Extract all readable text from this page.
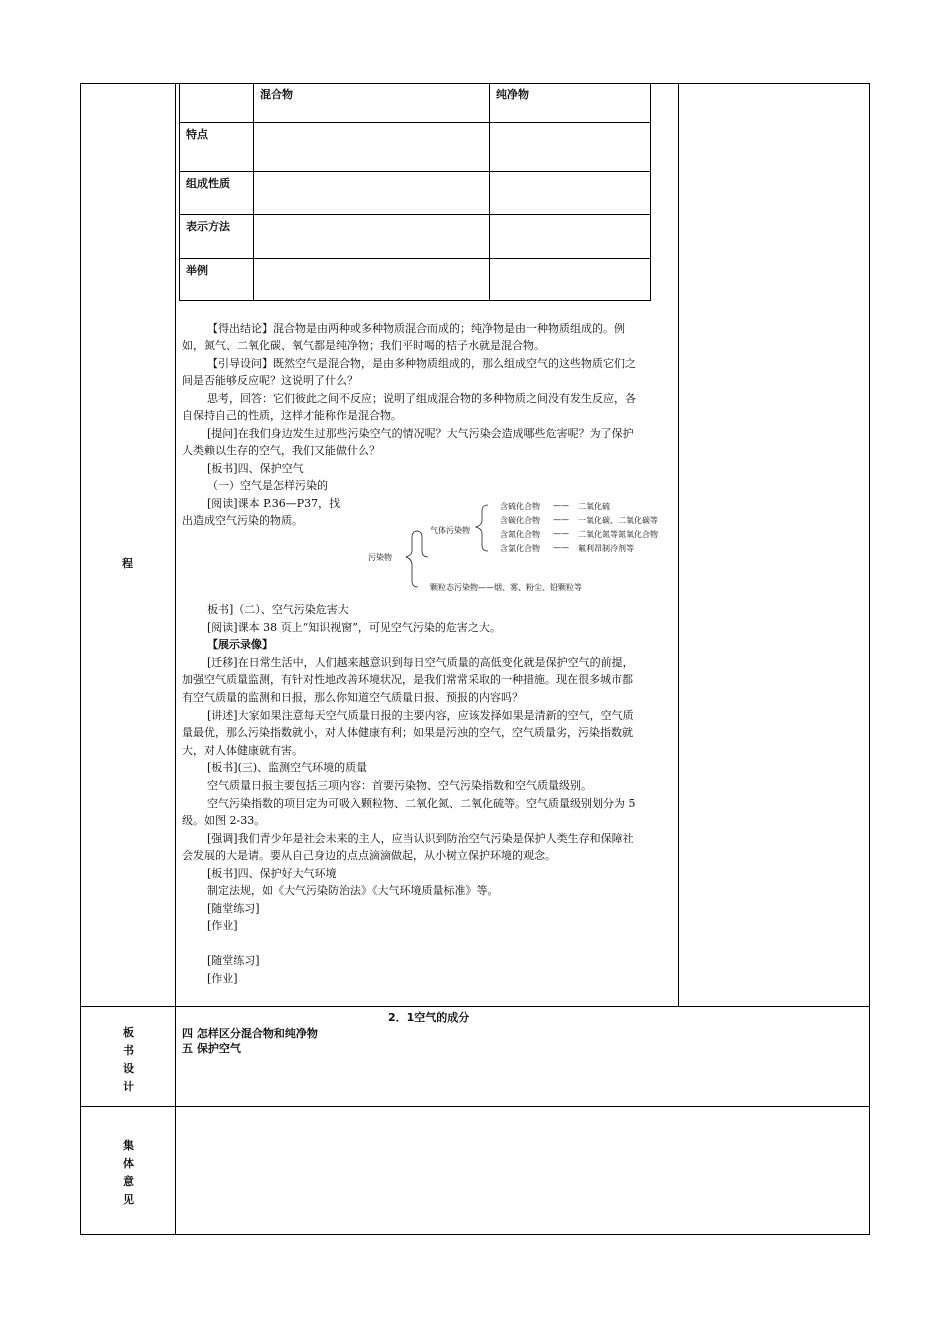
程
板
书
设
计
集
体
意
见
混合物	纯净物
特点
组成性质
表示方法
举例
【得出结论】混合物是由两种或多种物质混合而成的；纯净物是由一种物质组成的。例
如，氮气、二氧化碳、氧气都是纯净物；我们平时喝的桔子水就是混合物。
【引导设问】既然空气是混合物，是由多种物质组成的，那么组成空气的这些物质它们之
间是否能够反应呢？这说明了什么？
思考，回答：它们彼此之间不反应；说明了组成混合物的多种物质之间没有发生反应，各
自保持自己的性质，这样才能称作是混合物。
[提问]在我们身边发生过那些污染空气的情况呢？大气污染会造成哪些危害呢？为了保护
人类赖以生存的空气，我们又能做什么？
[板书]四、保护空气
（一）空气是怎样污染的
[阅读]课本 P.36—P37，找
出造成空气污染的物质。
污染物
气体污染物
含硫化合物 —— 二氧化硫
含碳化合物 —— 一氧化碳、二氧化碳等
含氮化合物 —— 二氧化氮等氮氧化合物
含氯化合物 —— 氟利昂制冷剂等
颗粒态污染物——烟、雾、粉尘、铅颗粒等
板书]（二）、空气污染危害大
[阅读]课本 38 页上“知识视窗”，可见空气污染的危害之大。
【展示录像】
[迁移]在日常生活中，人们越来越意识到每日空气质量的高低变化就是保护空气的前提，
加强空气质量监测，有针对性地改善环境状况，是我们常常采取的一种措施。现在很多城市都
有空气质量的监测和日报，那么你知道空气质量日报、预报的内容吗？
[讲述]大家如果注意每天空气质量日报的主要内容，应该发择如果是清新的空气，空气质
量最优，那么污染指数就小，对人体健康有利；如果是污浊的空气，空气质量劣，污染指数就
大，对人体健康就有害。
[板书](三)、监测空气环境的质量
空气质量日报主要包括三项内容：首要污染物、空气污染指数和空气质量级别。
空气污染指数的项目定为可吸入颗粒物、二氧化氮、二氧化硫等。空气质量级别划分为 5
级。如图 2-33。
[强调]我们青少年是社会未来的主人，应当认识到防治空气污染是保护人类生存和保障社
会发展的大是请。要从自己身边的点点滴滴做起，从小树立保护环境的观念。
[板书]四、保护好大气环境
制定法规，如《大气污染防治法》《大气环境质量标准》等。
[随堂练习]
[作业]
[随堂练习]
[作业]
2．1空气的成分
四 怎样区分混合物和纯净物
五 保护空气
